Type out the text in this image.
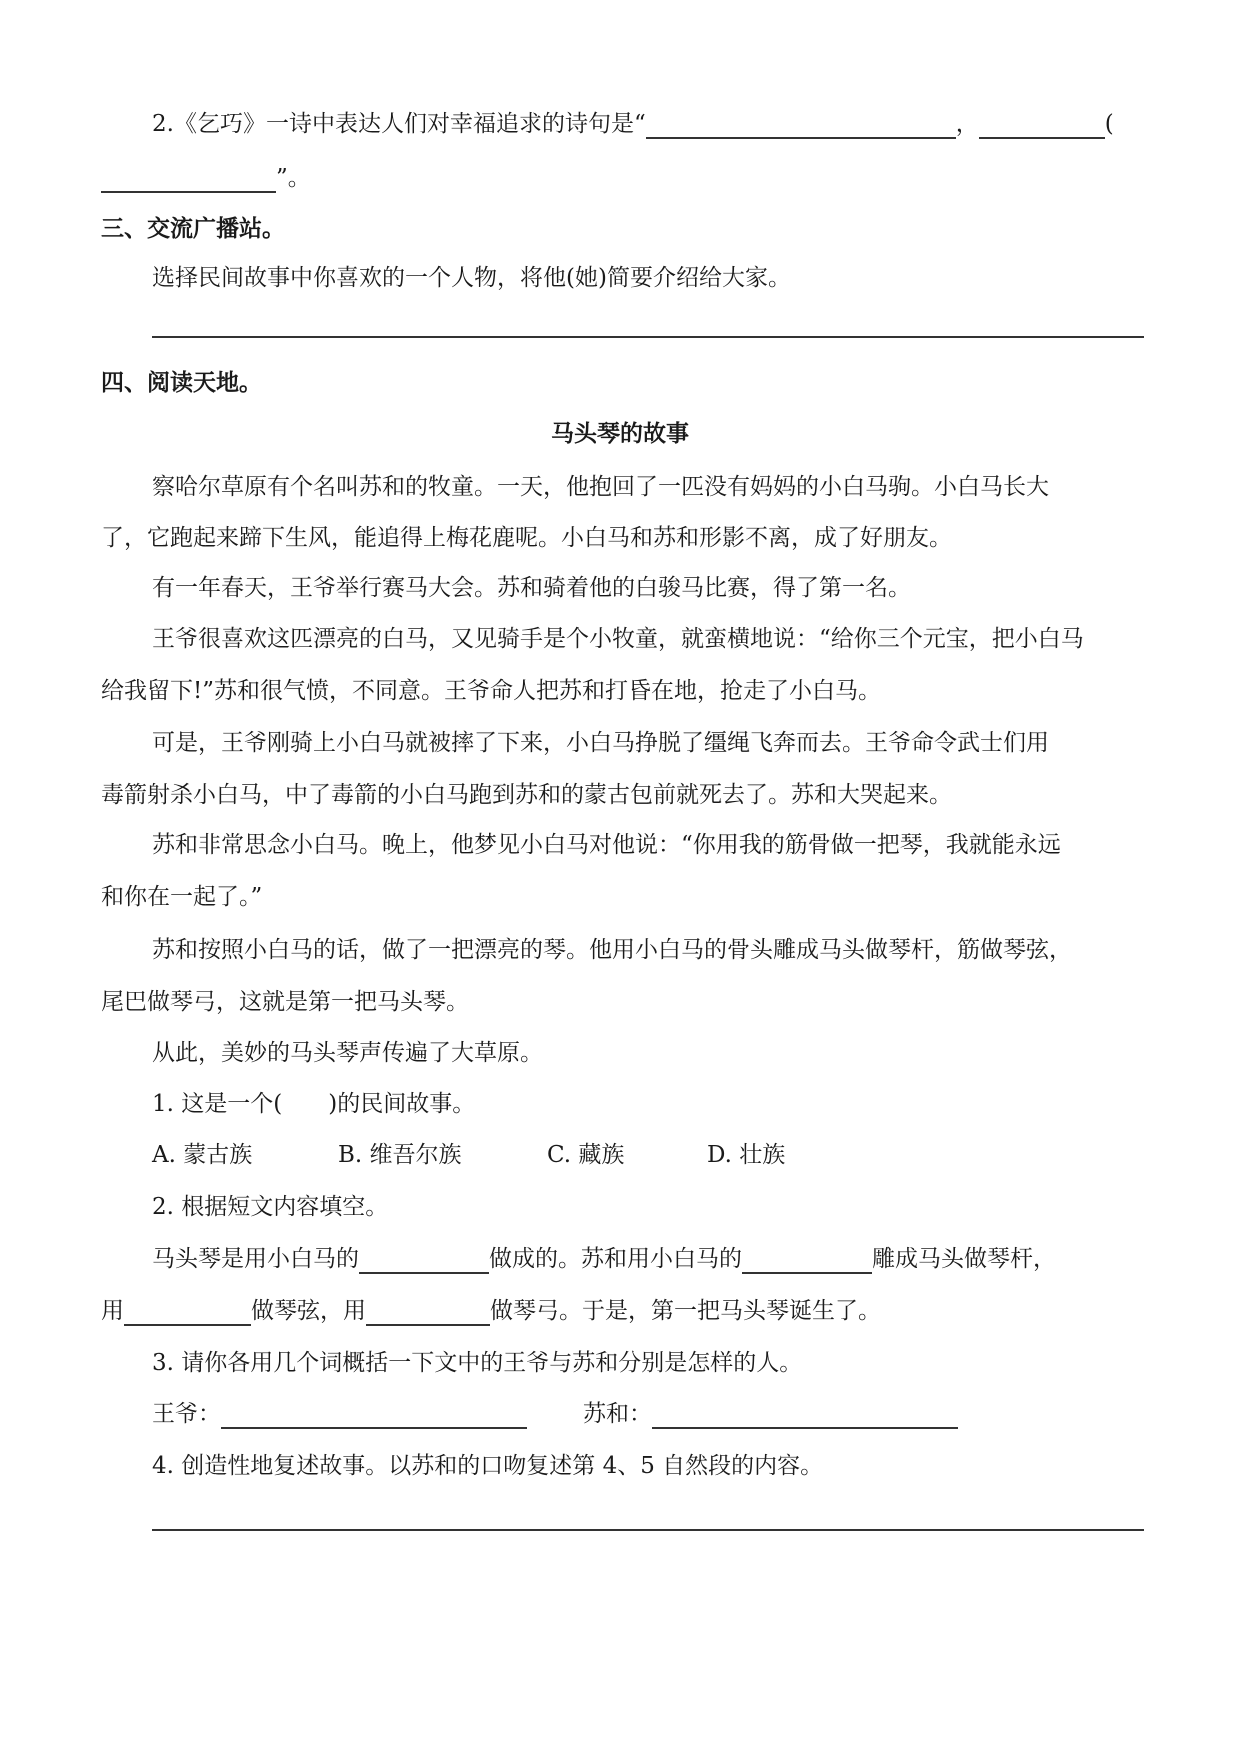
2.《乞巧》一诗中表达人们对幸福追求的诗句是“	，	(
”。
三、交流广播站。
选择民间故事中你喜欢的一个人物，将他(她)简要介绍给大家。
四、阅读天地。
马头琴的故事
察哈尔草原有个名叫苏和的牧童。一天，他抱回了一匹没有妈妈的小白马驹。小白马长大
了，它跑起来蹄下生风，能追得上梅花鹿呢。小白马和苏和形影不离，成了好朋友。
有一年春天，王爷举行赛马大会。苏和骑着他的白骏马比赛，得了第一名。
王爷很喜欢这匹漂亮的白马，又见骑手是个小牧童，就蛮横地说：“给你三个元宝，把小白马
给我留下!”苏和很气愤，不同意。王爷命人把苏和打昏在地，抢走了小白马。
可是，王爷刚骑上小白马就被摔了下来，小白马挣脱了缰绳飞奔而去。王爷命令武士们用
毒箭射杀小白马，中了毒箭的小白马跑到苏和的蒙古包前就死去了。苏和大哭起来。
苏和非常思念小白马。晚上，他梦见小白马对他说：“你用我的筋骨做一把琴，我就能永远
和你在一起了。”
苏和按照小白马的话，做了一把漂亮的琴。他用小白马的骨头雕成马头做琴杆，筋做琴弦，
尾巴做琴弓，这就是第一把马头琴。
从此，美妙的马头琴声传遍了大草原。
1. 这是一个(　　)的民间故事。
A. 蒙古族	B. 维吾尔族	C. 藏族	D. 壮族
2. 根据短文内容填空。
马头琴是用小白马的	做成的。苏和用小白马的	雕成马头做琴杆，
用	做琴弦，用	做琴弓。于是，第一把马头琴诞生了。
3. 请你各用几个词概括一下文中的王爷与苏和分别是怎样的人。
王爷：	苏和：
4. 创造性地复述故事。以苏和的口吻复述第 4、5 自然段的内容。
